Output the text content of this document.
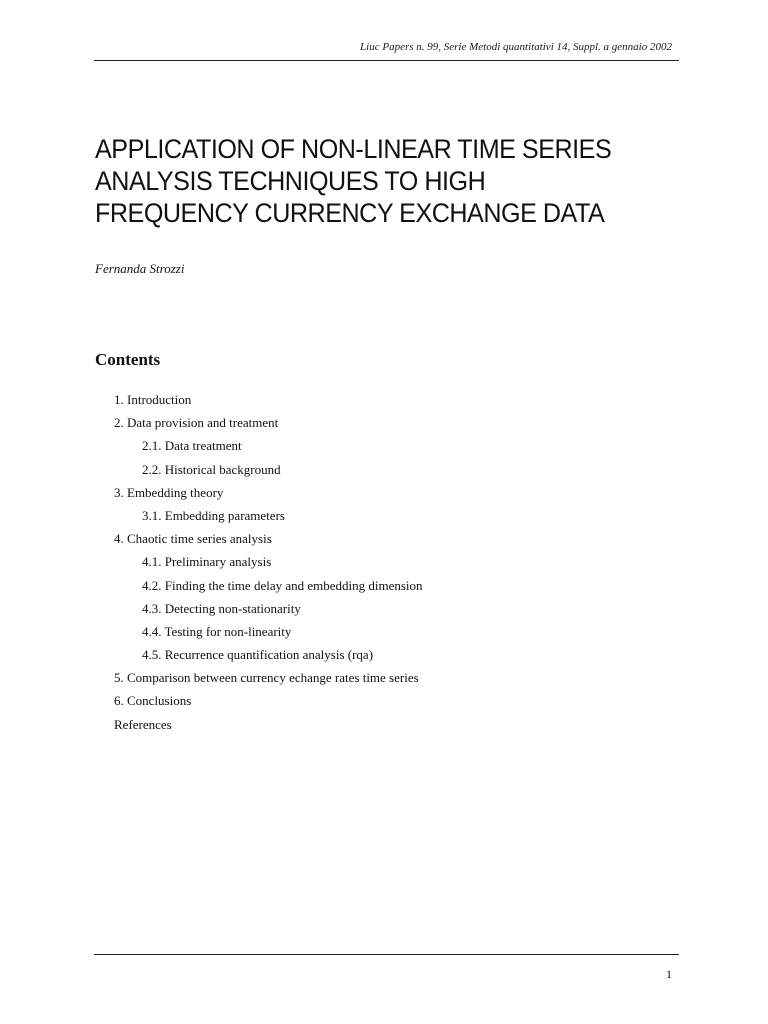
Liuc Papers n. 99, Serie Metodi quantitativi 14, Suppl. a gennaio 2002
APPLICATION OF NON-LINEAR TIME SERIES
ANALYSIS TECHNIQUES TO HIGH
FREQUENCY CURRENCY EXCHANGE DATA
Fernanda Strozzi
Contents
1. Introduction
2. Data provision and treatment
2.1. Data treatment
2.2. Historical background
3. Embedding theory
3.1. Embedding parameters
4. Chaotic time series analysis
4.1. Preliminary analysis
4.2. Finding the time delay and embedding dimension
4.3. Detecting non-stationarity
4.4. Testing for non-linearity
4.5. Recurrence quantification analysis (rqa)
5. Comparison between currency echange rates time series
6. Conclusions
References
1
